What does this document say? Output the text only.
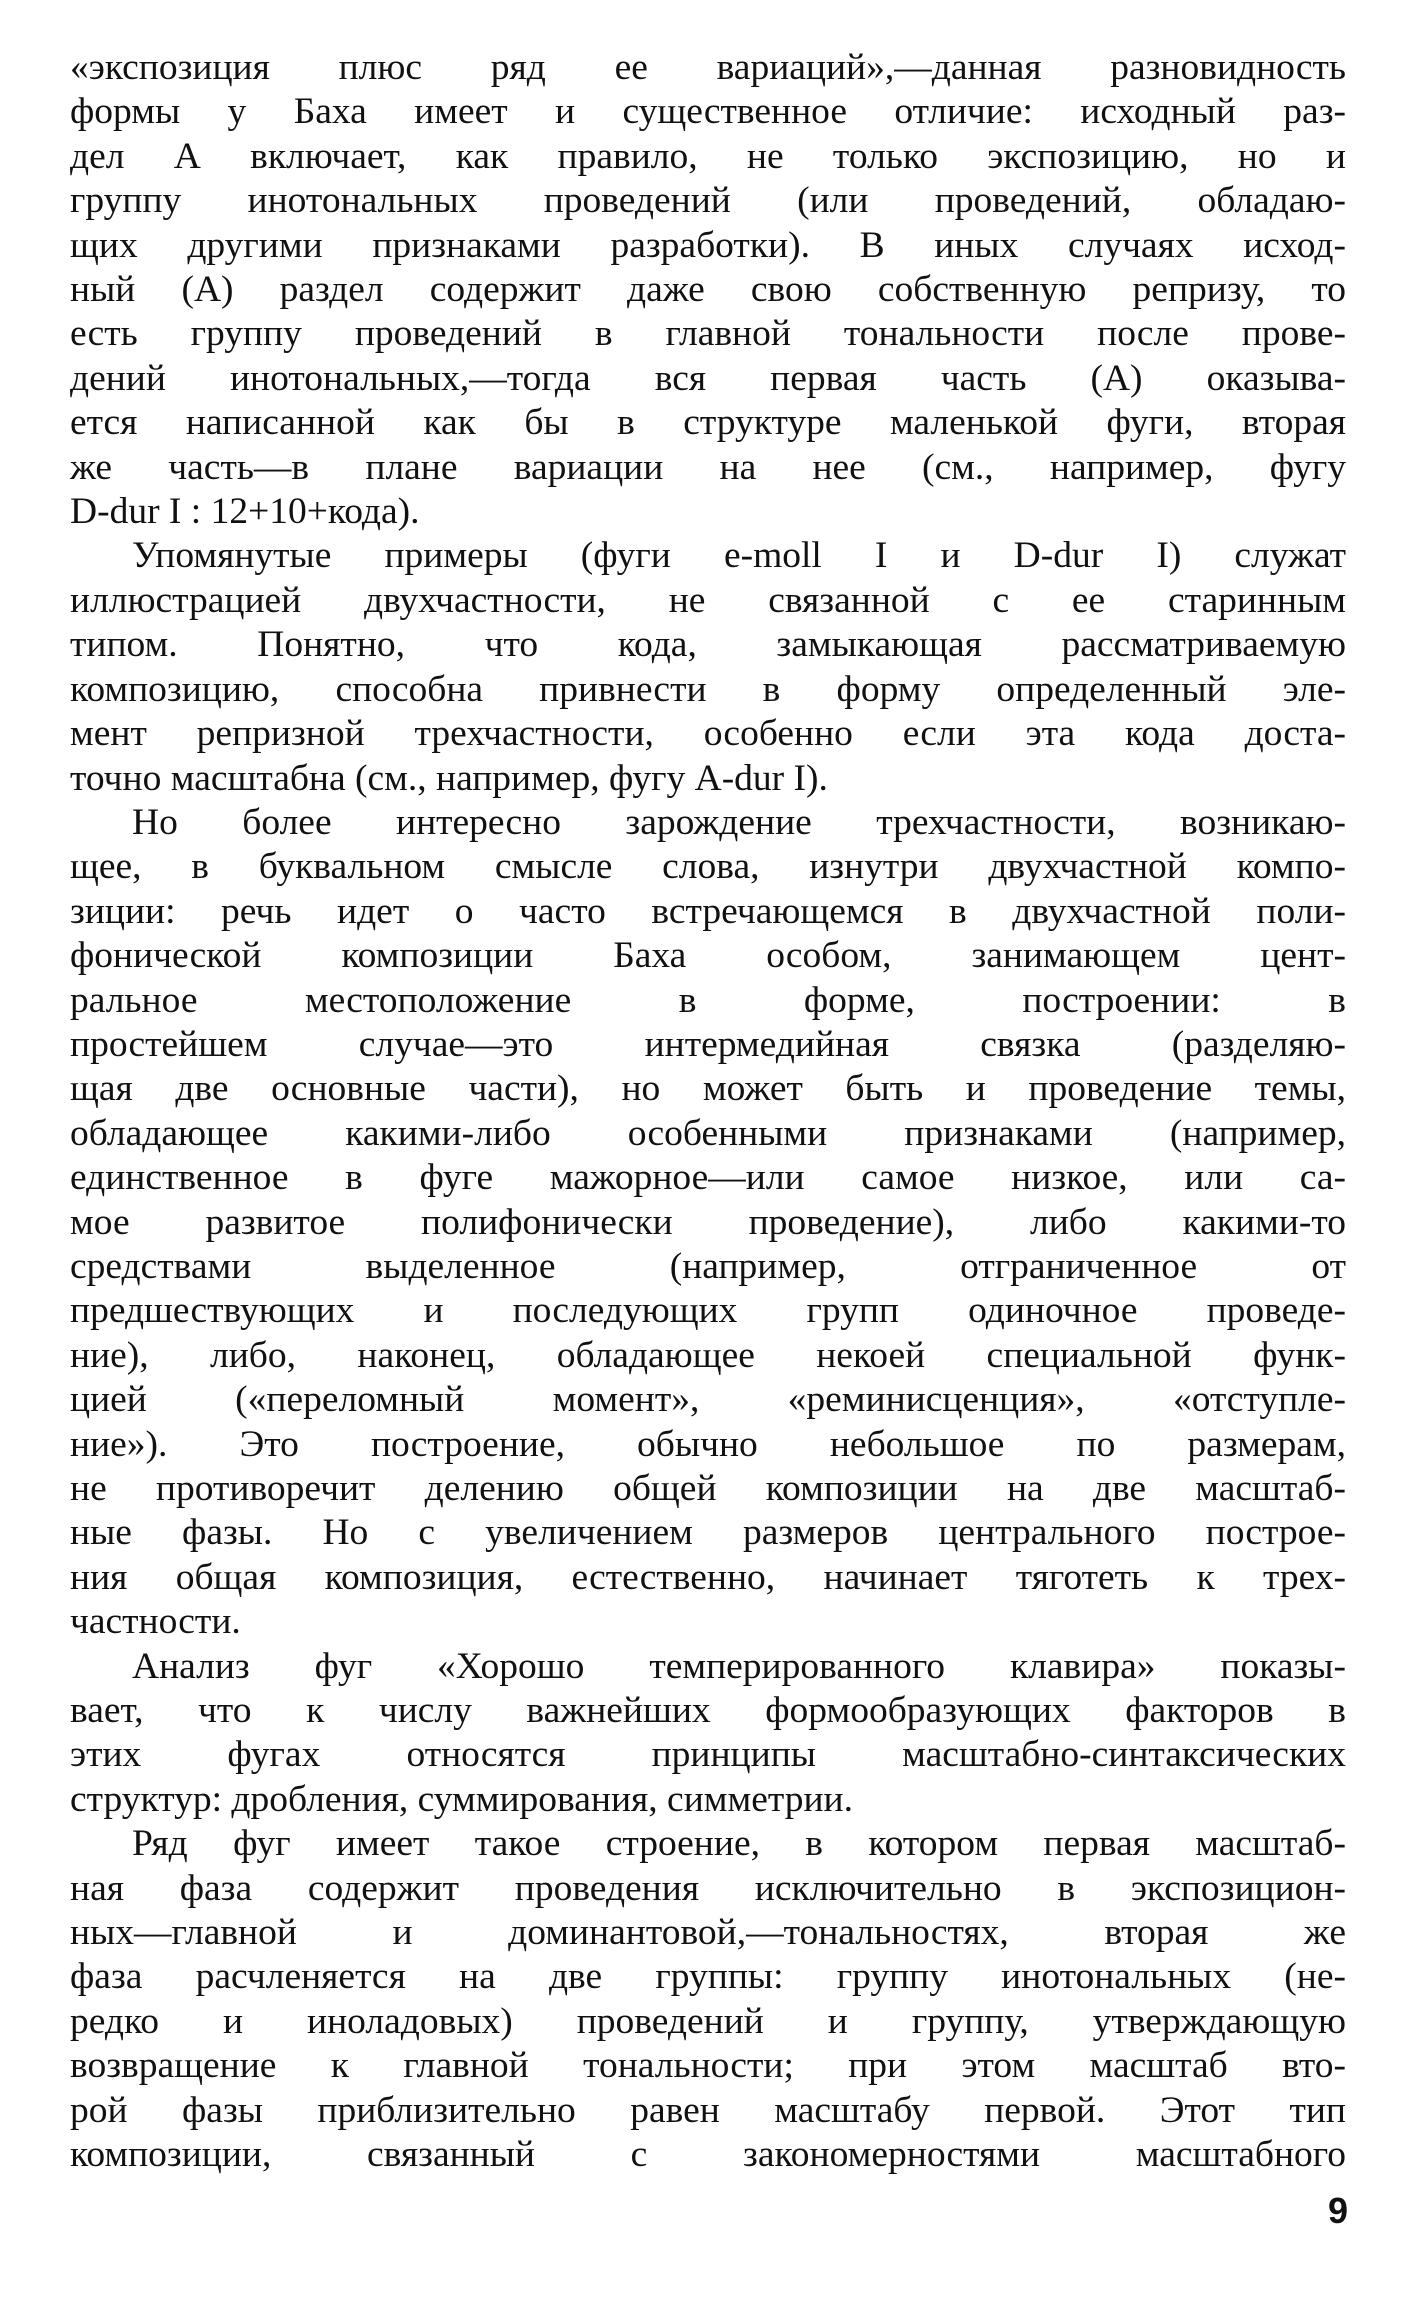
«экспозиция плюс ряд ее вариаций»,—данная разновидность
формы у Баха имеет и существенное отличие: исходный раз-
дел А включает, как правило, не только экспозицию, но и
группу инотональных проведений (или проведений, обладаю-
щих другими признаками разработки). В иных случаях исход-
ный (А) раздел содержит даже свою собственную репризу, то
есть группу проведений в главной тональности после прове-
дений инотональных,—тогда вся первая часть (А) оказыва-
ется написанной как бы в структуре маленькой фуги, вторая
же часть—в плане вариации на нее (см., например, фугу
D-dur I : 12+10+кода).

Упомянутые примеры (фуги e-moll I и D-dur I) служат
иллюстрацией двухчастности, не связанной с ее старинным
типом. Понятно, что кода, замыкающая рассматриваемую
композицию, способна привнести в форму определенный эле-
мент репризной трехчастности, особенно если эта кода доста-
точно масштабна (см., например, фугу A-dur I).

Но более интересно зарождение трехчастности, возникаю-
щее, в буквальном смысле слова, изнутри двухчастной компо-
зиции: речь идет о часто встречающемся в двухчастной поли-
фонической композиции Баха особом, занимающем цент-
ральное местоположение в форме, построении: в
простейшем случае—это интермедийная связка (разделяю-
щая две основные части), но может быть и проведение темы,
обладающее какими-либо особенными признаками (например,
единственное в фуге мажорное—или самое низкое, или са-
мое развитое полифонически проведение), либо какими-то
средствами выделенное (например, отграниченное от
предшествующих и последующих групп одиночное проведе-
ние), либо, наконец, обладающее некоей специальной функ-
цией («переломный момент», «реминисценция», «отступле-
ние»). Это построение, обычно небольшое по размерам,
не противоречит делению общей композиции на две масштаб-
ные фазы. Но с увеличением размеров центрального построе-
ния общая композиция, естественно, начинает тяготеть к трех-
частности.

Анализ фуг «Хорошо темперированного клавира» показы-
вает, что к числу важнейших формообразующих факторов в
этих фугах относятся принципы масштабно-синтаксических
структур: дробления, суммирования, симметрии.

Ряд фуг имеет такое строение, в котором первая масштаб-
ная фаза содержит проведения исключительно в экспозицион-
ных—главной и доминантовой,—тональностях, вторая же
фаза расчленяется на две группы: группу инотональных (не-
редко и иноладовых) проведений и группу, утверждающую
возвращение к главной тональности; при этом масштаб вто-
рой фазы приблизительно равен масштабу первой. Этот тип
композиции, связанный с закономерностями масштабного

9
